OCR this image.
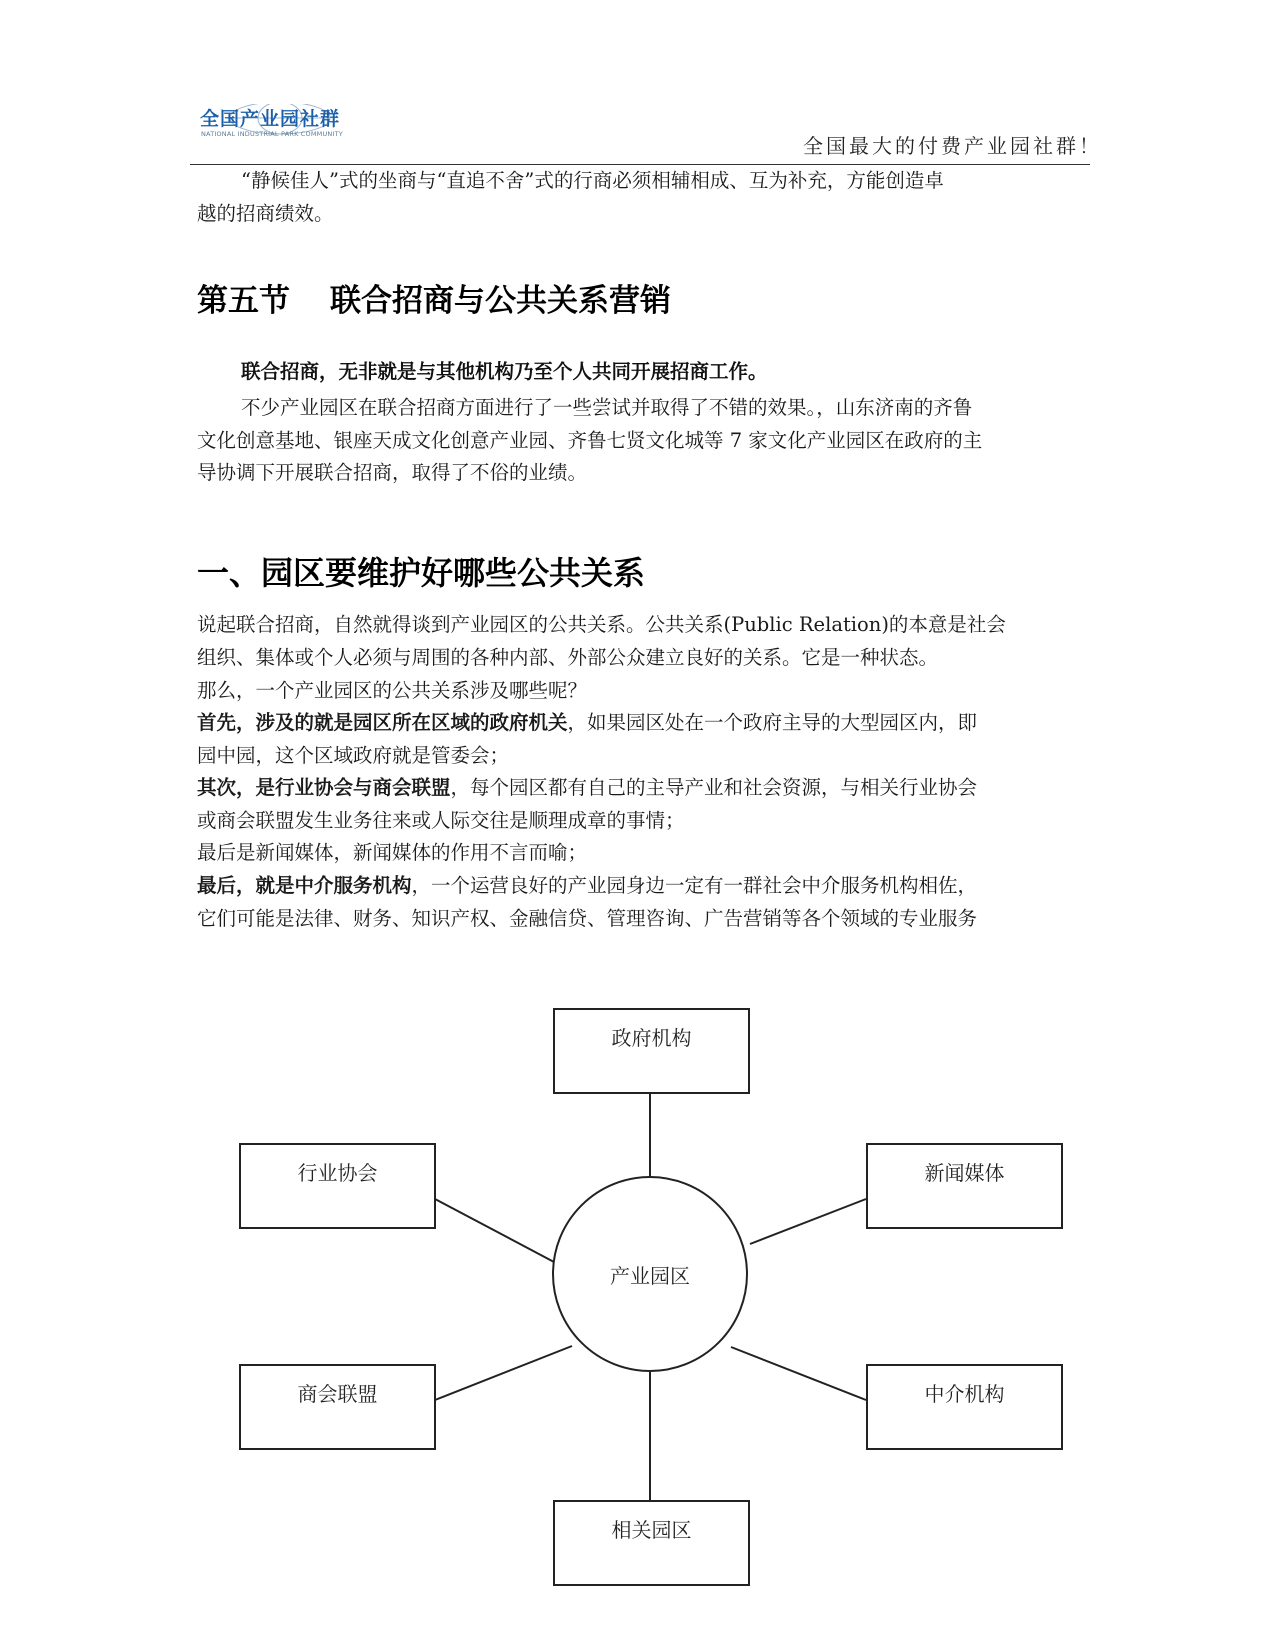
全国产业园社群
NATIONAL INDUSTRIAL PARK COMMUNITY	全国最大的付费产业园社群！
“静候佳人”式的坐商与“直追不舍”式的行商必须相辅相成、互为补充，方能创造卓
越的招商绩效。
第五节 联合招商与公共关系营销
联合招商，无非就是与其他机构乃至个人共同开展招商工作。
不少产业园区在联合招商方面进行了一些尝试并取得了不错的效果。，山东济南的齐鲁
文化创意基地、银座天成文化创意产业园、齐鲁七贤文化城等 7 家文化产业园区在政府的主
导协调下开展联合招商，取得了不俗的业绩。
一、园区要维护好哪些公共关系
说起联合招商，自然就得谈到产业园区的公共关系。公共关系(Public Relation)的本意是社会
组织、集体或个人必须与周围的各种内部、外部公众建立良好的关系。它是一种状态。
那么，一个产业园区的公共关系涉及哪些呢？
首先，涉及的就是园区所在区域的政府机关，如果园区处在一个政府主导的大型园区内，即
园中园，这个区域政府就是管委会；
其次，是行业协会与商会联盟，每个园区都有自己的主导产业和社会资源，与相关行业协会
或商会联盟发生业务往来或人际交往是顺理成章的事情；
最后是新闻媒体，新闻媒体的作用不言而喻；
最后，就是中介服务机构，一个运营良好的产业园身边一定有一群社会中介服务机构相佐，
它们可能是法律、财务、知识产权、金融信贷、管理咨询、广告营销等各个领域的专业服务
政府机构
行业协会	新闻媒体
产业园区
商会联盟	中介机构
相关园区
